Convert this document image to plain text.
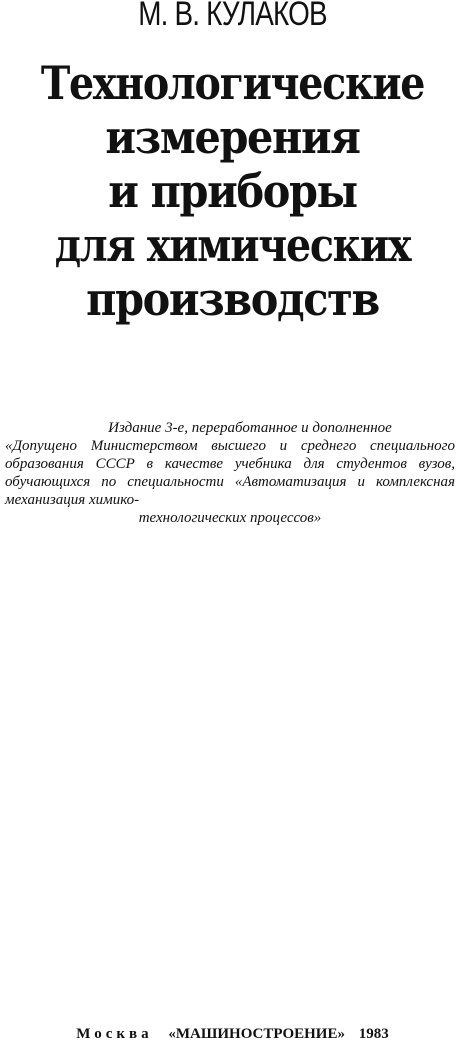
М. В. КУЛАКОВ
Технологические
измерения
и приборы
для химических
производств
Издание 3-е, переработанное и дополненное
«Допущено Министерством высшего и среднего специального образования СССР в качестве учебника для студентов вузов, обучающихся по специальности «Автоматизация и комплексная механизация химико-
технологических процессов»
Москва «МАШИНОСТРОЕНИЕ» 1983
